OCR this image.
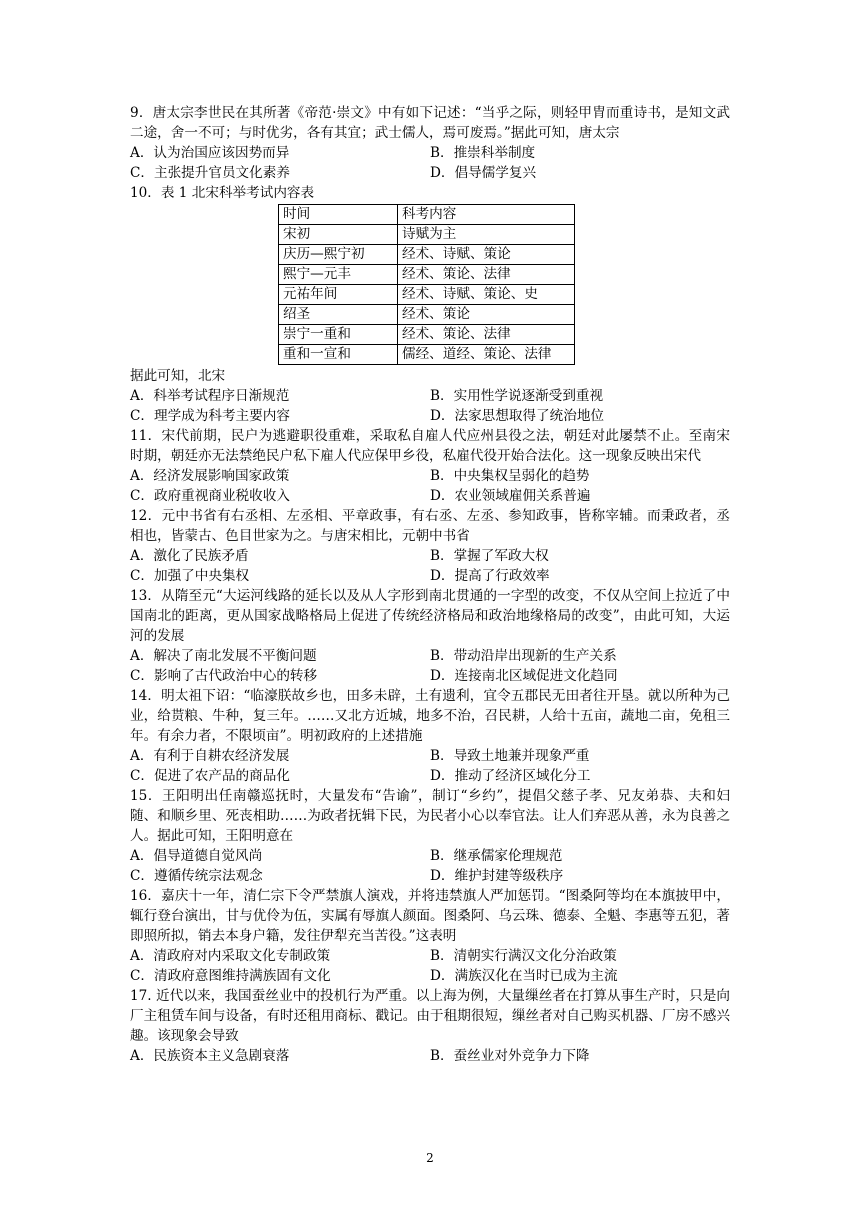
9．唐太宗李世民在其所著《帝范·崇文》中有如下记述：“当乎之际，则轻甲胄而重诗书，是知文武二途，舍一不可；与时优劣，各有其宜；武士儒人，焉可废焉。”据此可知，唐太宗
A．认为治国应该因势而异	B．推崇科举制度
C．主张提升官员文化素养	D．倡导儒学复兴
10．表 1 北宋科举考试内容表
时间	科考内容
宋初	诗赋为主
庆历—熙宁初	经术、诗赋、策论
熙宁—元丰	经术、策论、法律
元祐年间	经术、诗赋、策论、史
绍圣	经术、策论
崇宁一重和	经术、策论、法律
重和一宣和	儒经、道经、策论、法律
据此可知，北宋
A．科举考试程序日渐规范	B．实用性学说逐渐受到重视
C．理学成为科考主要内容	D．法家思想取得了统治地位
11．宋代前期，民户为逃避职役重难，采取私自雇人代应州县役之法，朝廷对此屡禁不止。至南宋时期，朝廷亦无法禁绝民户私下雇人代应保甲乡役，私雇代役开始合法化。这一现象反映出宋代
A．经济发展影响国家政策	B．中央集权呈弱化的趋势
C．政府重视商业税收收入	D．农业领域雇佣关系普遍
12．元中书省有右丞相、左丞相、平章政事，有右丞、左丞、参知政事，皆称宰辅。而秉政者，丞相也，皆蒙古、色目世家为之。与唐宋相比，元朝中书省
A．激化了民族矛盾	B．掌握了军政大权
C．加强了中央集权	D．提高了行政效率
13．从隋至元“大运河线路的延长以及从人字形到南北贯通的一字型的改变，不仅从空间上拉近了中国南北的距离，更从国家战略格局上促进了传统经济格局和政治地缘格局的改变”，由此可知，大运河的发展
A．解决了南北发展不平衡问题	B．带动沿岸出现新的生产关系
C．影响了古代政治中心的转移	D．连接南北区域促进文化趋同
14．明太祖下诏：“临濠朕故乡也，田多未辟，土有遗利，宜令五郡民无田者往开垦。就以所种为己业，给贳粮、牛种，复三年。……又北方近城，地多不治，召民耕，人给十五亩，蔬地二亩，免租三年。有余力者，不限顷亩”。明初政府的上述措施
A．有利于自耕农经济发展	B．导致土地兼并现象严重
C．促进了农产品的商品化	D．推动了经济区域化分工
15．王阳明出任南赣巡抚时，大量发布“告谕”，制订“乡约”，提倡父慈子孝、兄友弟恭、夫和妇随、和顺乡里、死丧相助……为政者抚辑下民，为民者小心以奉官法。让人们弃恶从善，永为良善之人。据此可知，王阳明意在
A．倡导道德自觉风尚	B．继承儒家伦理规范
C．遵循传统宗法观念	D．维护封建等级秩序
16．嘉庆十一年，清仁宗下令严禁旗人演戏，并将违禁旗人严加惩罚。“图桑阿等均在本旗披甲中，辄行登台演出，甘与优伶为伍，实属有辱旗人颜面。图桑阿、乌云珠、德泰、全魁、李惠等五犯，著即照所拟，销去本身户籍，发往伊犁充当苦役。”这表明
A．清政府对内采取文化专制政策	B．清朝实行满汉文化分治政策
C．清政府意图维持满族固有文化	D．满族汉化在当时已成为主流
17. 近代以来，我国蚕丝业中的投机行为严重。以上海为例，大量缫丝者在打算从事生产时，只是向厂主租赁车间与设备，有时还租用商标、戳记。由于租期很短，缫丝者对自己购买机器、厂房不感兴趣。该现象会导致
A．民族资本主义急剧衰落	B．蚕丝业对外竞争力下降
2
